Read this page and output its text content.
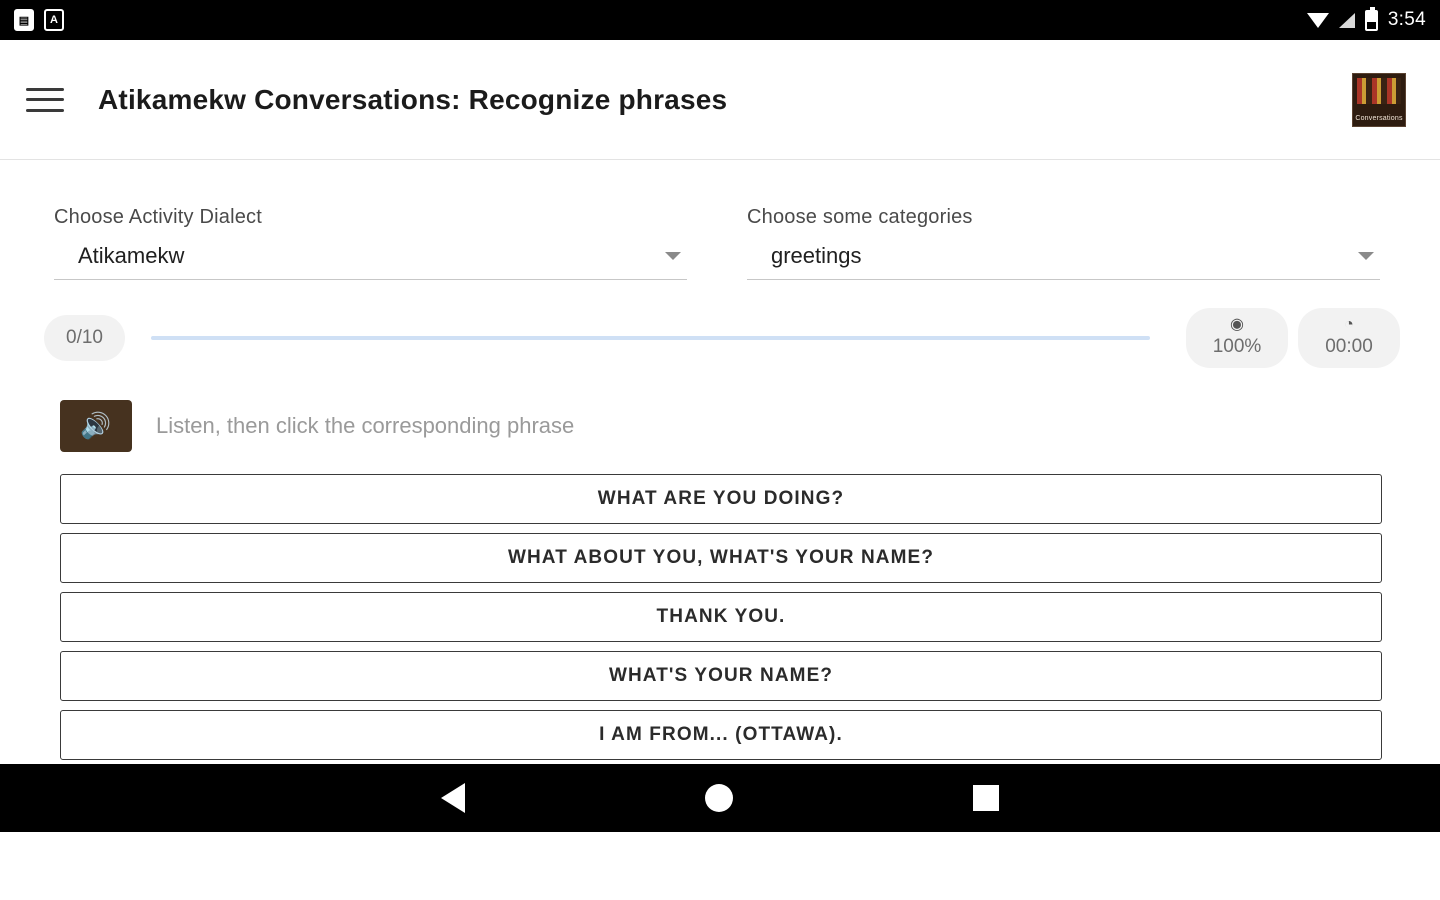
▤	A	3:54
Atikamekw Conversations: Recognize phrases
Conversations
Choose Activity Dialect
Atikamekw
Choose some categories
greetings
0/10
◉
100%
◔
00:00
🔊 Listen, then click the corresponding phrase
WHAT ARE YOU DOING?
WHAT ABOUT YOU, WHAT'S YOUR NAME?
THANK YOU.
WHAT'S YOUR NAME?
I AM FROM... (OTTAWA).
